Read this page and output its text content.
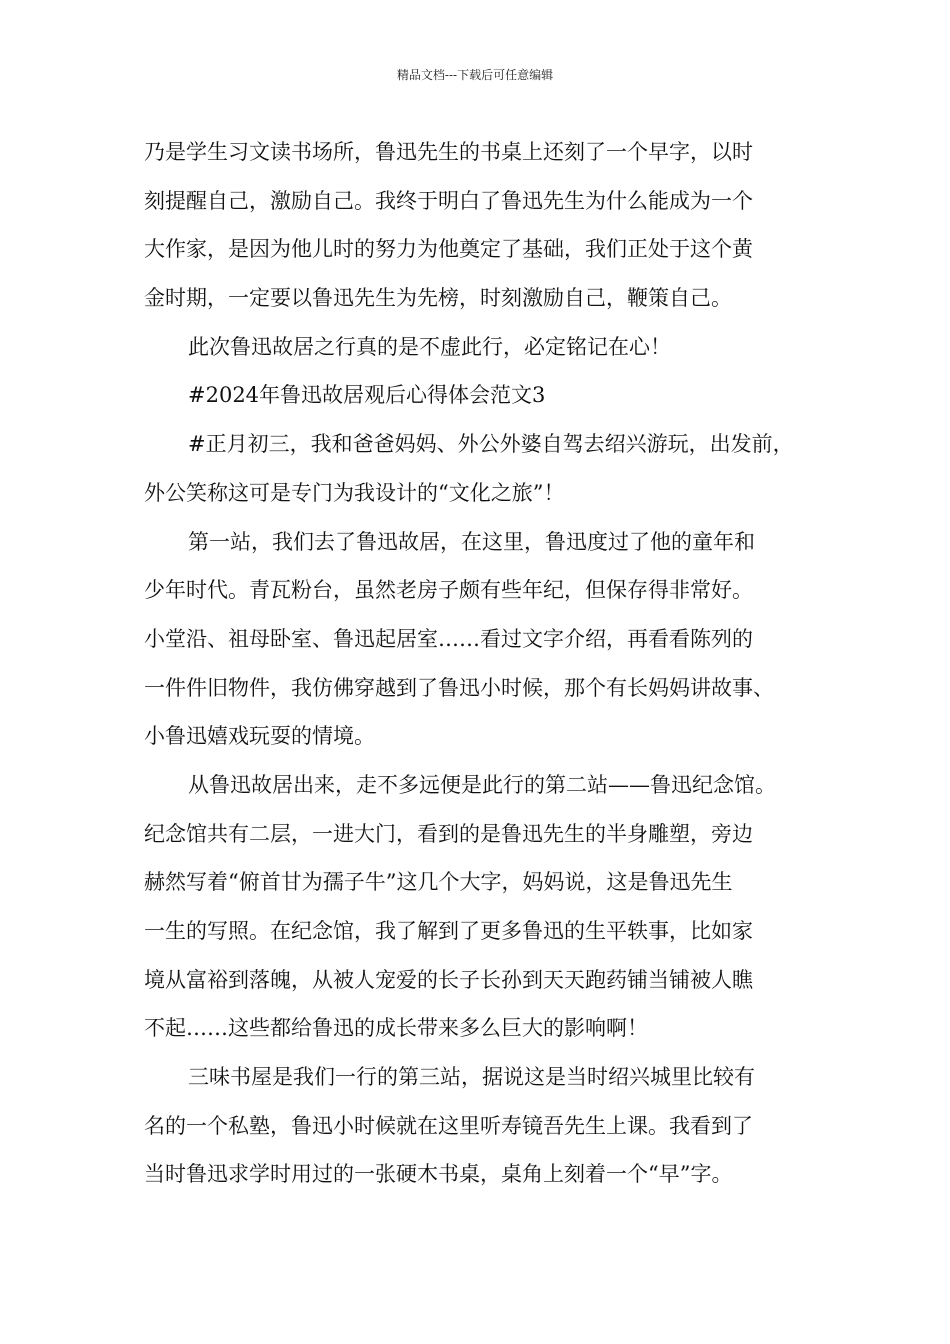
精品文档---下载后可任意编辑
乃是学生习文读书场所，鲁迅先生的书桌上还刻了一个早字，以时
刻提醒自己，激励自己。我终于明白了鲁迅先生为什么能成为一个
大作家，是因为他儿时的努力为他奠定了基础，我们正处于这个黄
金时期，一定要以鲁迅先生为先榜，时刻激励自己，鞭策自己。
此次鲁迅故居之行真的是不虚此行，必定铭记在心！
#2024年鲁迅故居观后心得体会范文3
#正月初三，我和爸爸妈妈、外公外婆自驾去绍兴游玩，出发前，
外公笑称这可是专门为我设计的“文化之旅”！
第一站，我们去了鲁迅故居，在这里，鲁迅度过了他的童年和
少年时代。青瓦粉台，虽然老房子颇有些年纪，但保存得非常好。
小堂沿、祖母卧室、鲁迅起居室……看过文字介绍，再看看陈列的
一件件旧物件，我仿佛穿越到了鲁迅小时候，那个有长妈妈讲故事、
小鲁迅嬉戏玩耍的情境。
从鲁迅故居出来，走不多远便是此行的第二站——鲁迅纪念馆。
纪念馆共有二层，一进大门，看到的是鲁迅先生的半身雕塑，旁边
赫然写着“俯首甘为孺子牛”这几个大字，妈妈说，这是鲁迅先生
一生的写照。在纪念馆，我了解到了更多鲁迅的生平轶事，比如家
境从富裕到落魄，从被人宠爱的长子长孙到天天跑药铺当铺被人瞧
不起……这些都给鲁迅的成长带来多么巨大的影响啊！
三味书屋是我们一行的第三站，据说这是当时绍兴城里比较有
名的一个私塾，鲁迅小时候就在这里听寿镜吾先生上课。我看到了
当时鲁迅求学时用过的一张硬木书桌，桌角上刻着一个“早”字。
